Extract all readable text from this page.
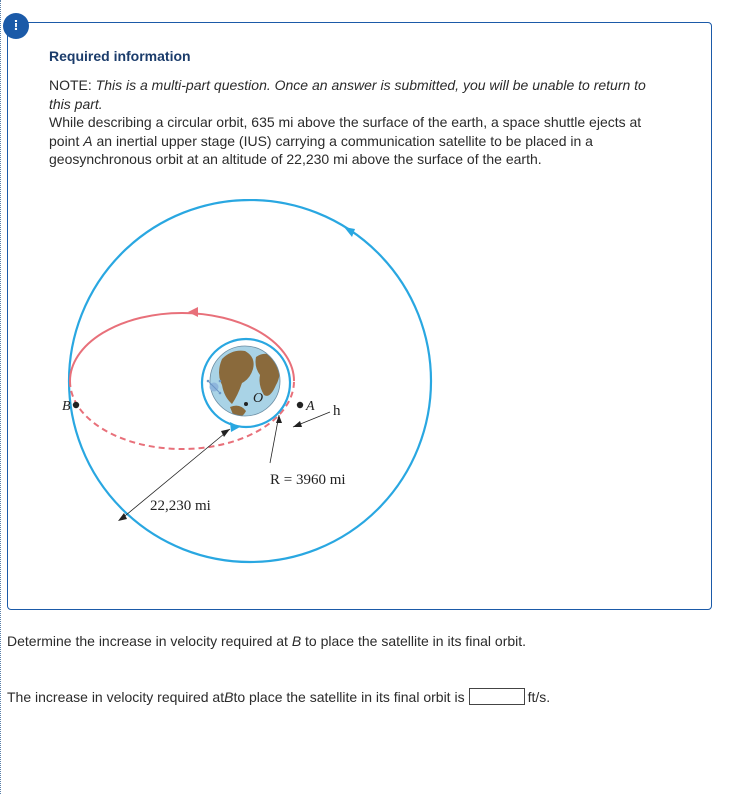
!
Required information
NOTE: This is a multi-part question. Once an answer is submitted, you will be unable to return to this part.
While describing a circular orbit, 635 mi above the surface of the earth, a space shuttle ejects at point A an inertial upper stage (IUS) carrying a communication satellite to be placed in a geosynchronous orbit at an altitude of 22,230 mi above the surface of the earth.
B	A
O
h
R = 3960 mi
22,230 mi
Determine the increase in velocity required at B to place the satellite in its final orbit.
The increase in velocity required at B to place the satellite in its final orbit is	ft/s.
